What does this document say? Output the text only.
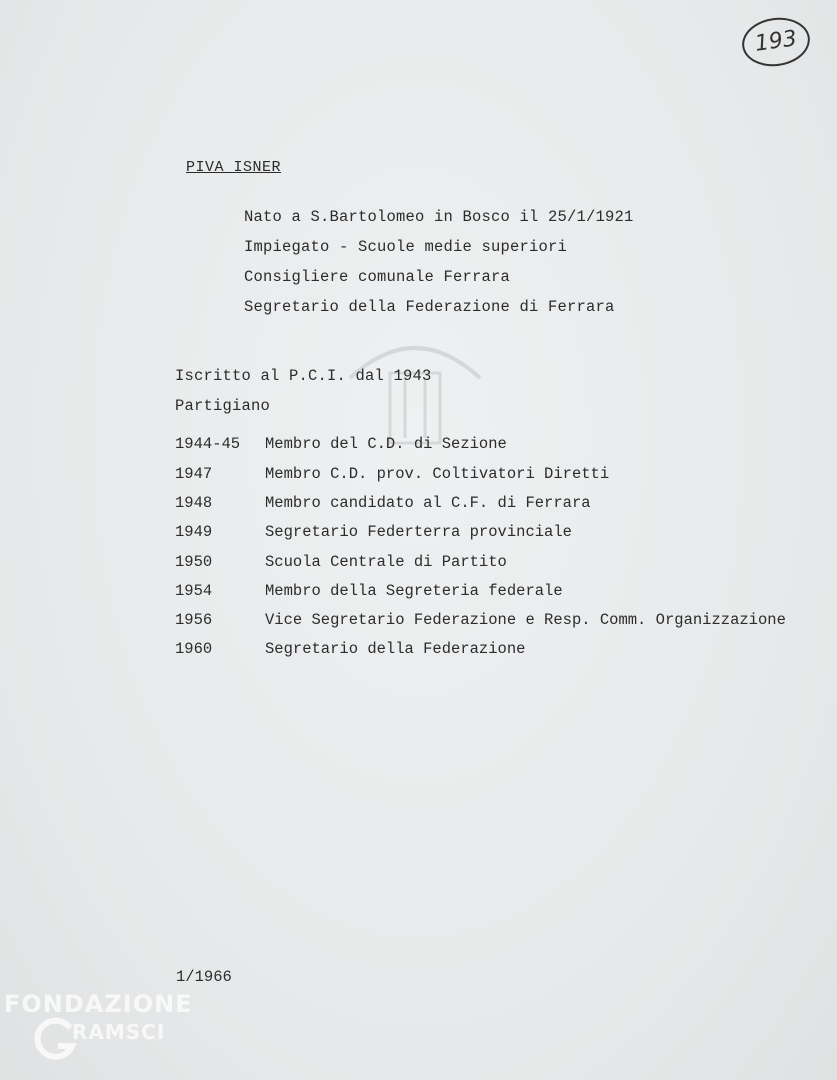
193
PIVA ISNER
Nato a S.Bartolomeo in Bosco il 25/1/1921
Impiegato - Scuole medie superiori
Consigliere comunale Ferrara
Segretario della Federazione di Ferrara
Iscritto al P.C.I. dal 1943
Partigiano
1944-45 Membro del C.D. di Sezione
1947	Membro C.D. prov. Coltivatori Diretti
1948	Membro candidato al C.F. di Ferrara
1949	Segretario Federterra provinciale
1950	Scuola Centrale di Partito
1954	Membro della Segreteria federale
1956	Vice Segretario Federazione e Resp. Comm. Organizzazione
1960	Segretario della Federazione
1/1966
FONDAZIONE
RAMSCI
